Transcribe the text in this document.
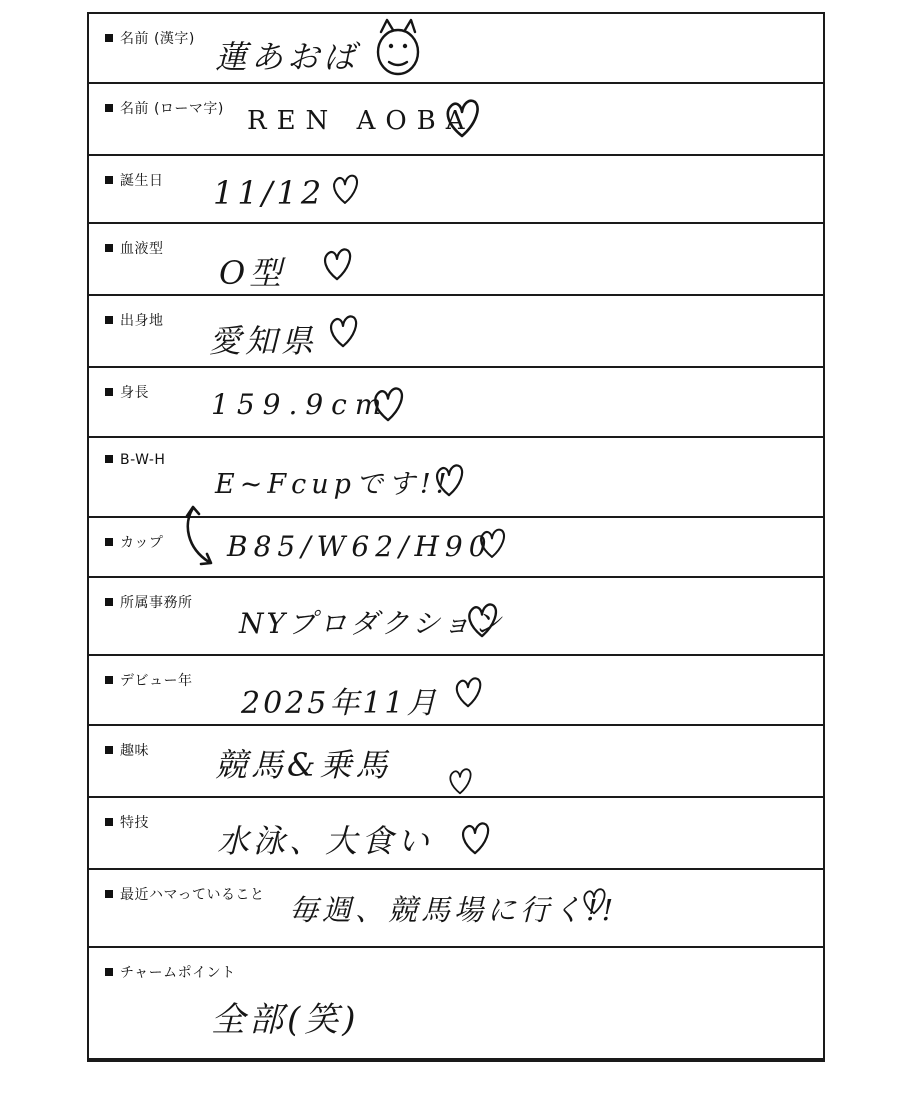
名前 (漢字) 蓮あおば
名前 (ローマ字) REN AOBA
誕生日 11/12
血液型
O型
出身地
愛知県
身長 159.9cm
B-W-H
E~Fcupです!!
カップ B85/W62/H90
所属事務所
NYプロダクション
デビュー年
2025年11月
趣味 競馬&乗馬
特技 水泳、大食い
最近ハマっていること 毎週、競馬場に行く!!
チャームポイント
全部(笑)
